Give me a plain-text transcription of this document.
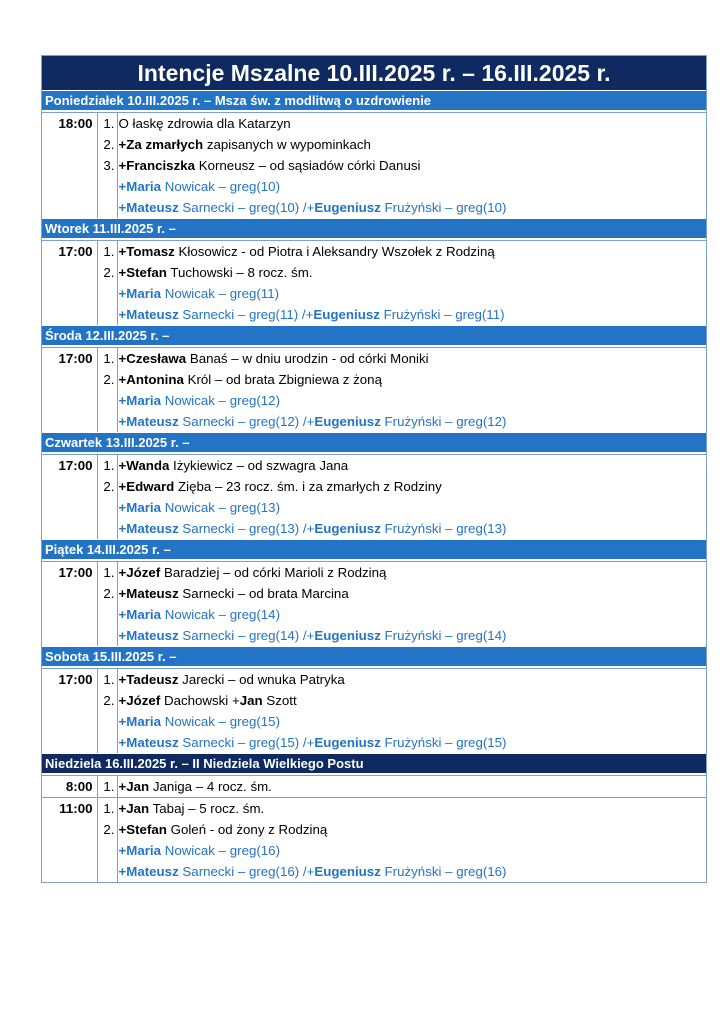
Intencje Mszalne 10.III.2025 r. – 16.III.2025 r.
Poniedziałek 10.III.2025 r. – Msza św. z modlitwą o uzdrowienie
18:00	1.	O łaskę zdrowia dla Katarzyn
	2.	+Za zmarłych zapisanych w wypominkach
	3.	+Franciszka Korneusz – od sąsiadów córki Danusi
		+Maria Nowicak – greg(10)
		+Mateusz Sarnecki – greg(10) /+Eugeniusz Frużyński – greg(10)
Wtorek 11.III.2025 r. –
17:00	1.	+Tomasz Kłosowicz - od Piotra i Aleksandry Wszołek z Rodziną
	2.	+Stefan Tuchowski – 8 rocz. śm.
		+Maria Nowicak – greg(11)
		+Mateusz Sarnecki – greg(11) /+Eugeniusz Frużyński – greg(11)
Środa 12.III.2025 r. –
17:00	1.	+Czesława Banaś – w dniu urodzin - od córki Moniki
	2.	+Antonina Król – od brata Zbigniewa z żoną
		+Maria Nowicak – greg(12)
		+Mateusz Sarnecki – greg(12) /+Eugeniusz Frużyński – greg(12)
Czwartek 13.III.2025 r. –
17:00	1.	+Wanda Iżykiewicz – od szwagra Jana
	2.	+Edward Zięba – 23 rocz. śm. i za zmarłych z Rodziny
		+Maria Nowicak – greg(13)
		+Mateusz Sarnecki – greg(13) /+Eugeniusz Frużyński – greg(13)
Piątek 14.III.2025 r. –
17:00	1.	+Józef Baradziej – od córki Marioli z Rodziną
	2.	+Mateusz Sarnecki – od brata Marcina
		+Maria Nowicak – greg(14)
		+Mateusz Sarnecki – greg(14) /+Eugeniusz Frużyński – greg(14)
Sobota 15.III.2025 r. –
17:00	1.	+Tadeusz Jarecki – od wnuka Patryka
	2.	+Józef Dachowski +Jan Szott
		+Maria Nowicak – greg(15)
		+Mateusz Sarnecki – greg(15) /+Eugeniusz Frużyński – greg(15)
Niedziela 16.III.2025 r. – II Niedziela Wielkiego Postu
8:00	1.	+Jan Janiga – 4 rocz. śm.
11:00	1.	+Jan Tabaj – 5 rocz. śm.
	2.	+Stefan Goleń - od żony z Rodziną
		+Maria Nowicak – greg(16)
		+Mateusz Sarnecki – greg(16) /+Eugeniusz Frużyński – greg(16)
